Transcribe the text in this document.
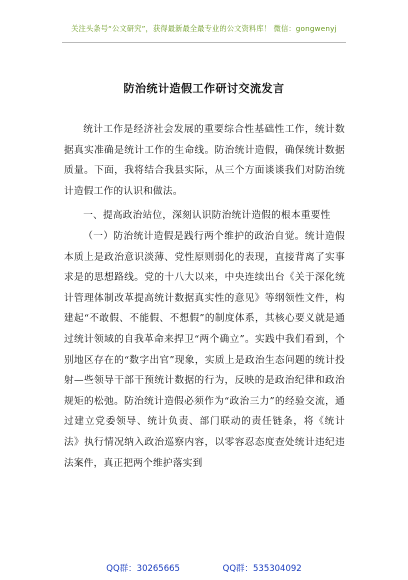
关注头条号“公文研究”，获得最新最全最专业的公文资料库！ 微信：gongwenyj
防治统计造假工作研讨交流发言

统计工作是经济社会发展的重要综合性基础性工作，统计数据真实准确是统计工作的生命线。防治统计造假，确保统计数据质量。下面，我将结合我县实际，从三个方面谈谈我们对防治统计造假工作的认识和做法。

一、提高政治站位，深刻认识防治统计造假的根本重要性

（一）防治统计造假是践行两个维护的政治自觉。统计造假本质上是政治意识淡薄、党性原则弱化的表现，直接背离了实事求是的思想路线。党的十八大以来，中央连续出台《关于深化统计管理体制改革提高统计数据真实性的意见》等纲领性文件，构建起“不敢假、不能假、不想假”的制度体系，其核心要义就是通过统计领域的自我革命来捍卫“两个确立”。实践中我们看到，个别地区存在的“数字出官”现象，实质上是政治生态问题的统计投射—些领导干部干预统计数据的行为，反映的是政治纪律和政治规矩的松弛。防治统计造假必须作为“政治三力”的经验交流，通过建立党委领导、统计负责、部门联动的责任链条，将《统计法》执行情况纳入政治巡察内容，以零容忍态度查处统计违纪违法案件，真正把两个维护落实到

QQ群：30265665	QQ群：535304092
